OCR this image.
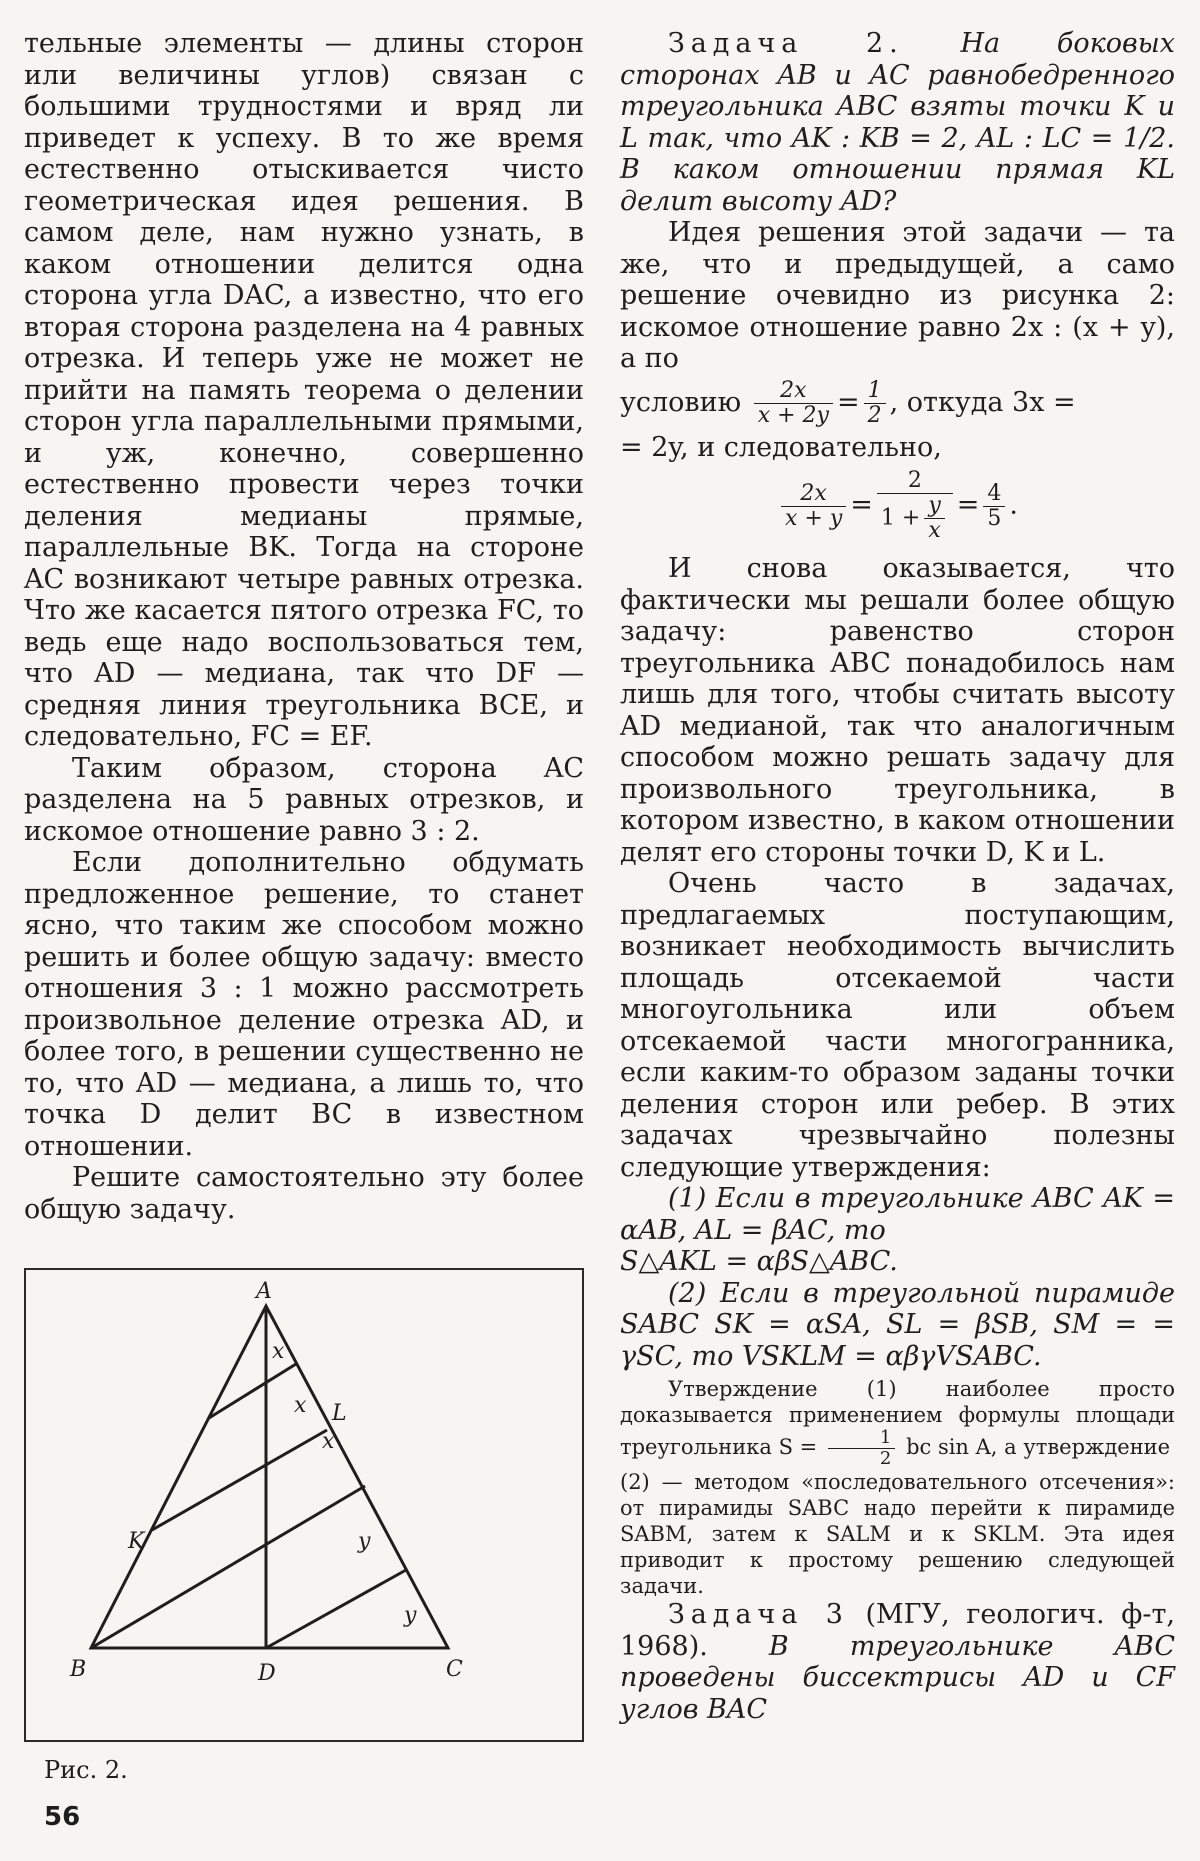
тельные элементы — длины сторон или величины углов) связан с большими трудностями и вряд ли приведет к успеху. В то же время естественно отыскивается чисто геометрическая идея решения. В самом деле, нам нужно узнать, в каком отношении делится одна сторона угла DAC, а известно, что его вторая сторона разделена на 4 равных отрезка. И теперь уже не может не прийти на память теорема о делении сторон угла параллельными прямыми, и уж, конечно, совершенно естественно провести через точки деления медианы прямые, параллельные BK. Тогда на стороне AC возникают четыре равных отрезка. Что же касается пятого отрезка FC, то ведь еще надо воспользоваться тем, что AD — медиана, так что DF — средняя линия треугольника BCE, и следовательно, FC = EF.

Таким образом, сторона AC разделена на 5 равных отрезков, и искомое отношение равно 3 : 2.

Если дополнительно обдумать предложенное решение, то станет ясно, что таким же способом можно решить и более общую задачу: вместо отношения 3 : 1 можно рассмотреть произвольное деление отрезка AD, и более того, в решении существенно не то, что AD — медиана, а лишь то, что точка D делит BC в известном отношении.

Решите самостоятельно эту более общую задачу.

A
B	C
D
K
L
x
x
x
y
y
Рис. 2.
56

Задача 2. На боковых сторонах AB и AC равнобедренного треугольника ABC взяты точки K и L так, что AK : KB = 2, AL : LC = 1/2. В каком отношении прямая KL делит высоту AD?

Идея решения этой задачи — та же, что и предыдущей, а само решение очевидно из рисунка 2: искомое отношение равно 2x : (x + y), а по

условию $\frac{2x}{x + 2y} = \frac{1}{2}$ , откуда 3x =

= 2y, и следовательно,

$\frac{2x}{x + y} = \frac{2}{1 + \frac{y}{x}} = \frac{4}{5}$ .

И снова оказывается, что фактически мы решали более общую задачу: равенство сторон треугольника ABC понадобилось нам лишь для того, чтобы считать высоту AD медианой, так что аналогичным способом можно решать задачу для произвольного треугольника, в котором известно, в каком отношении делят его стороны точки D, K и L.

Очень часто в задачах, предлагаемых поступающим, возникает необходимость вычислить площадь отсекаемой части многоугольника или объем отсекаемой части многогранника, если каким-то образом заданы точки деления сторон или ребер. В этих задачах чрезвычайно полезны следующие утверждения:

(1) Если в треугольнике ABC AK = αAB, AL = βAC, то

S△AKL = αβS△ABC.

(2) Если в треугольной пирамиде SABC SK = αSA, SL = βSB, SM = = γSC, то VSKLM = αβγVSABC.

Утверждение (1) наиболее просто доказывается применением формулы площади треугольника $S = \frac{1}{2}$ bc sin A, а утверждение

(2) — методом «последовательного отсечения»: от пирамиды SABC надо перейти к пирамиде SABM, затем к SALM и к SKLM. Эта идея приводит к простому решению следующей задачи.

Задача 3 (МГУ, геологич. ф-т, 1968). В треугольнике ABC проведены биссектрисы AD и CF углов BAC
